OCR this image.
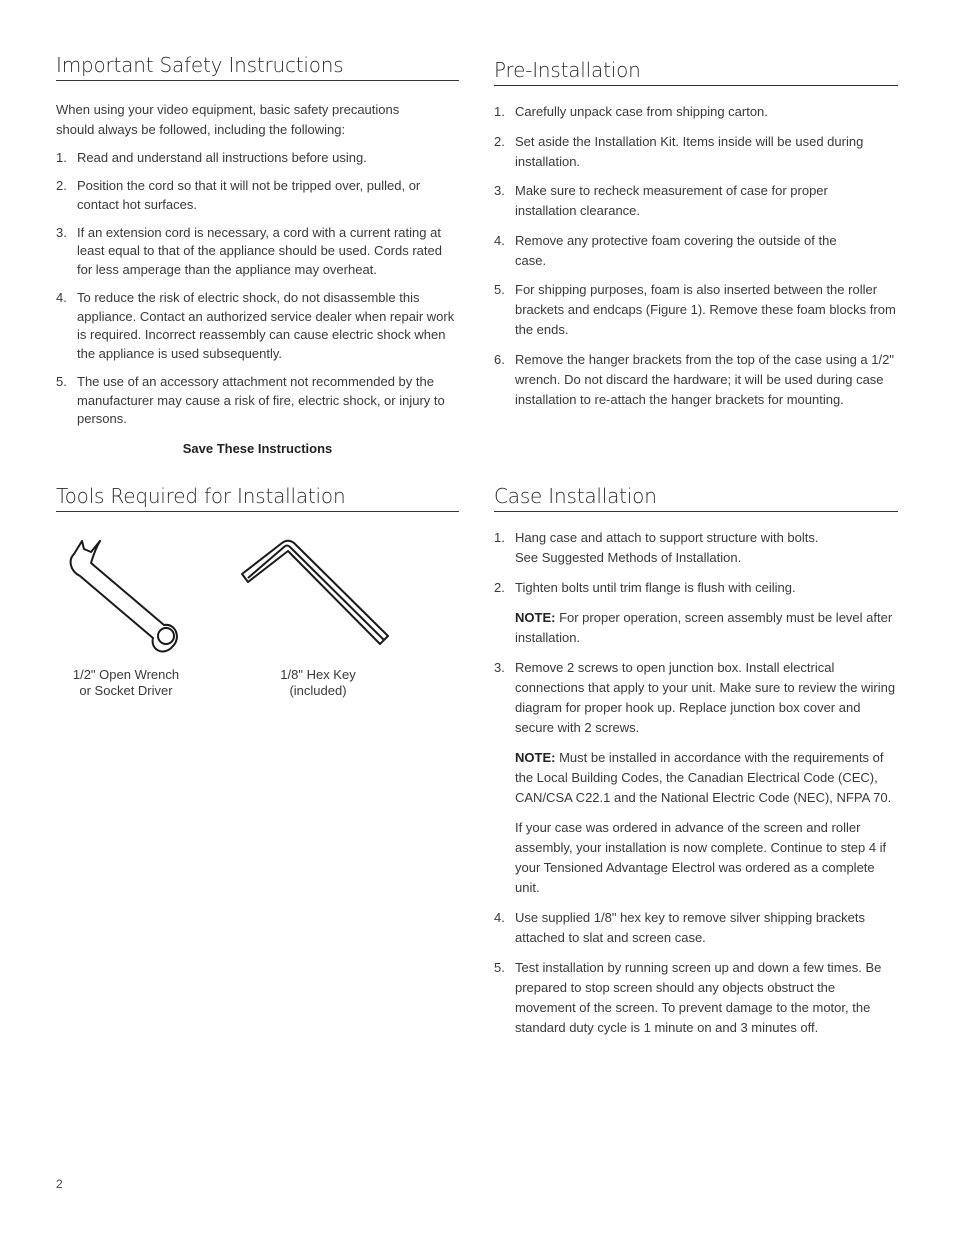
Important Safety Instructions

When using your video equipment, basic safety precautions should always be followed, including the following:

1. Read and understand all instructions before using.
2. Position the cord so that it will not be tripped over, pulled, or contact hot surfaces.
3. If an extension cord is necessary, a cord with a current rating at least equal to that of the appliance should be used. Cords rated for less amperage than the appliance may overheat.
4. To reduce the risk of electric shock, do not disassemble this appliance. Contact an authorized service dealer when repair work is required. Incorrect reassembly can cause electric shock when the appliance is used subsequently.
5. The use of an accessory attachment not recommended by the manufacturer may cause a risk of fire, electric shock, or injury to persons.

Save These Instructions

Tools Required for Installation
1/2" Open Wrench
or Socket Driver
1/8" Hex Key
(included)
Pre-Installation
1. Carefully unpack case from shipping carton.
2. Set aside the Installation Kit. Items inside will be used during installation.
3. Make sure to recheck measurement of case for proper installation clearance.
4. Remove any protective foam covering the outside of the case.
5. For shipping purposes, foam is also inserted between the roller brackets and endcaps (Figure 1). Remove these foam blocks from the ends.
6. Remove the hanger brackets from the top of the case using a 1/2" wrench. Do not discard the hardware; it will be used during case installation to re-attach the hanger brackets for mounting.
Case Installation
1. Hang case and attach to support structure with bolts.
See Suggested Methods of Installation.
2. Tighten bolts until trim flange is flush with ceiling.
NOTE: For proper operation, screen assembly must be level after installation.
3. Remove 2 screws to open junction box. Install electrical connections that apply to your unit. Make sure to review the wiring diagram for proper hook up. Replace junction box cover and secure with 2 screws.
NOTE: Must be installed in accordance with the requirements of the Local Building Codes, the Canadian Electrical Code (CEC), CAN/CSA C22.1 and the National Electric Code (NEC), NFPA 70.
If your case was ordered in advance of the screen and roller assembly, your installation is now complete. Continue to step 4 if your Tensioned Advantage Electrol was ordered as a complete unit.
4. Use supplied 1/8" hex key to remove silver shipping brackets attached to slat and screen case.
5. Test installation by running screen up and down a few times. Be prepared to stop screen should any objects obstruct the movement of the screen. To prevent damage to the motor, the standard duty cycle is 1 minute on and 3 minutes off.
2
